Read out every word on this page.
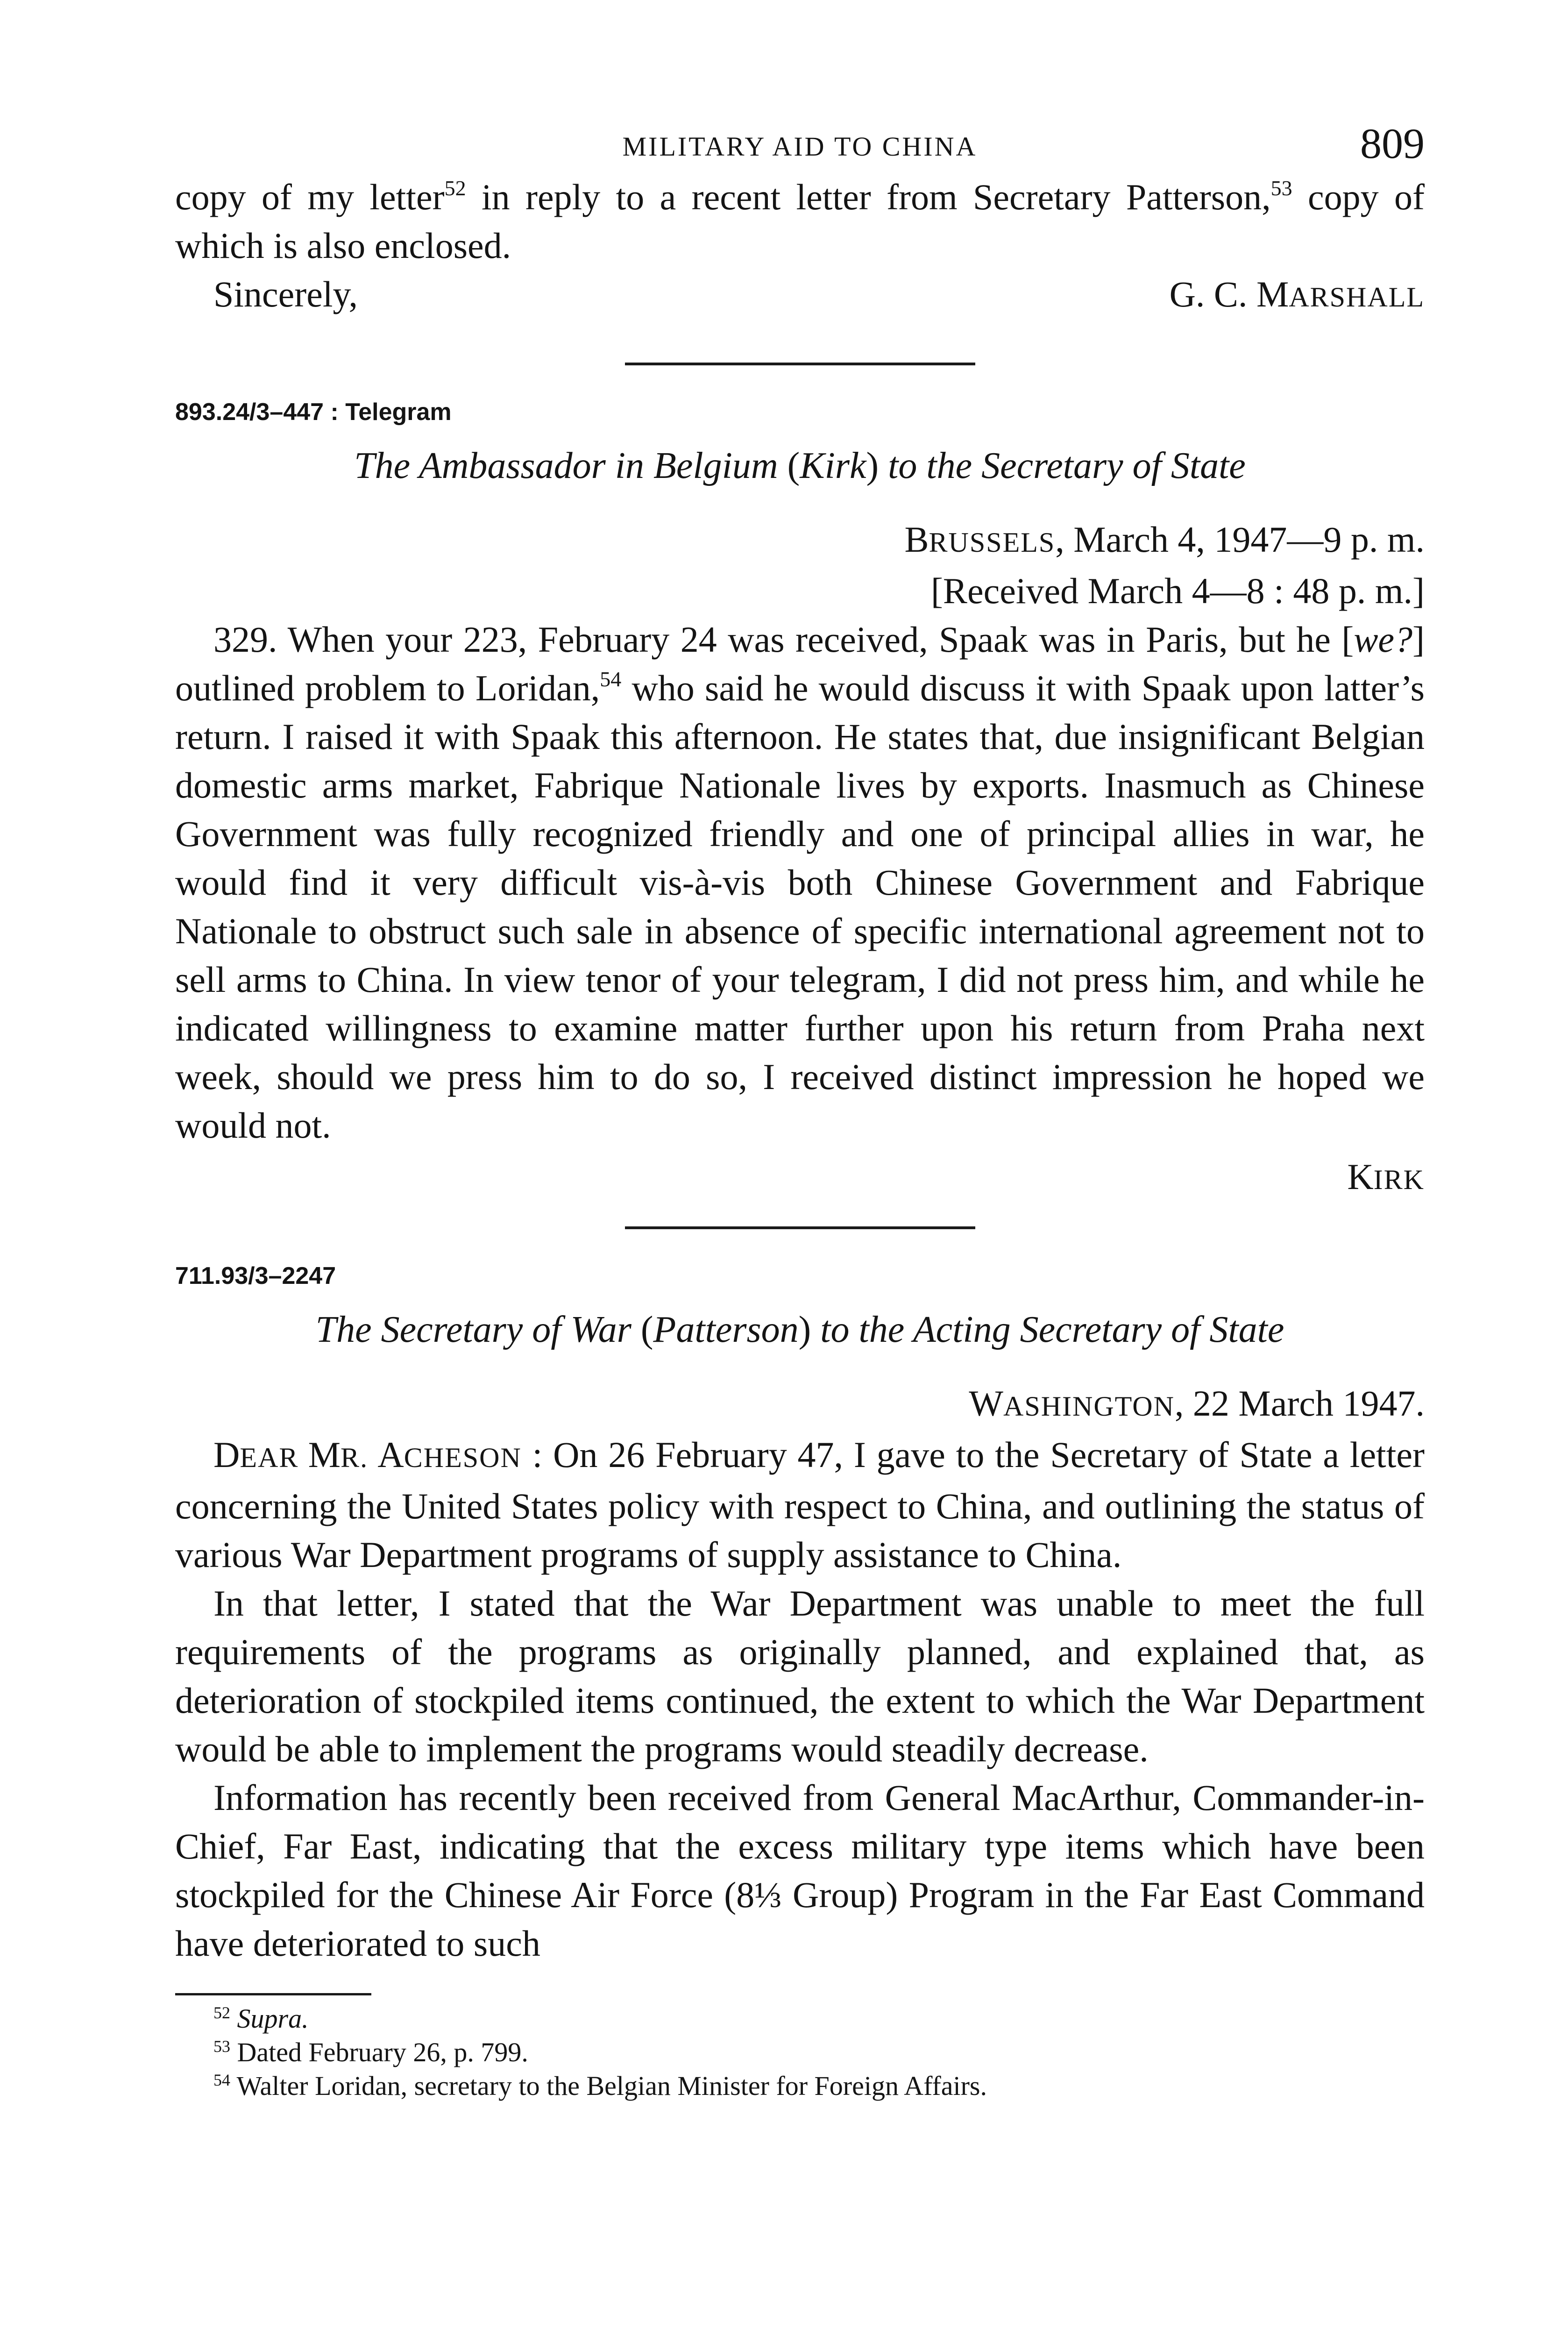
MILITARY AID TO CHINA	809

copy of my letter$^{52}$ in reply to a recent letter from Secretary Patterson,$^{53}$ copy of which is also enclosed.

Sincerely,	G. C. MARSHALL

893.24/3–447 : Telegram

The Ambassador in Belgium (Kirk) to the Secretary of State

BRUSSELS, March 4, 1947—9 p. m.

[Received March 4—8 : 48 p. m.]

329. When your 223, February 24 was received, Spaak was in Paris, but he [we?] outlined problem to Loridan,$^{54}$ who said he would discuss it with Spaak upon latter’s return. I raised it with Spaak this afternoon. He states that, due insignificant Belgian domestic arms market, Fabrique Nationale lives by exports. Inasmuch as Chinese Government was fully recognized friendly and one of principal allies in war, he would find it very difficult vis-à-vis both Chinese Government and Fabrique Nationale to obstruct such sale in absence of specific international agreement not to sell arms to China. In view tenor of your telegram, I did not press him, and while he indicated willingness to examine matter further upon his return from Praha next week, should we press him to do so, I received distinct impression he hoped we would not.

KIRK

711.93/3–2247

The Secretary of War (Patterson) to the Acting Secretary of State

WASHINGTON, 22 March 1947.

DEAR MR. ACHESON : On 26 February 47, I gave to the Secretary of State a letter concerning the United States policy with respect to China, and outlining the status of various War Department programs of supply assistance to China.

In that letter, I stated that the War Department was unable to meet the full requirements of the programs as originally planned, and explained that, as deterioration of stockpiled items continued, the extent to which the War Department would be able to implement the programs would steadily decrease.

Information has recently been received from General MacArthur, Commander-in-Chief, Far East, indicating that the excess military type items which have been stockpiled for the Chinese Air Force (8⅓ Group) Program in the Far East Command have deteriorated to such

$^{52}$ Supra.
$^{53}$ Dated February 26, p. 799.
$^{54}$ Walter Loridan, secretary to the Belgian Minister for Foreign Affairs.
